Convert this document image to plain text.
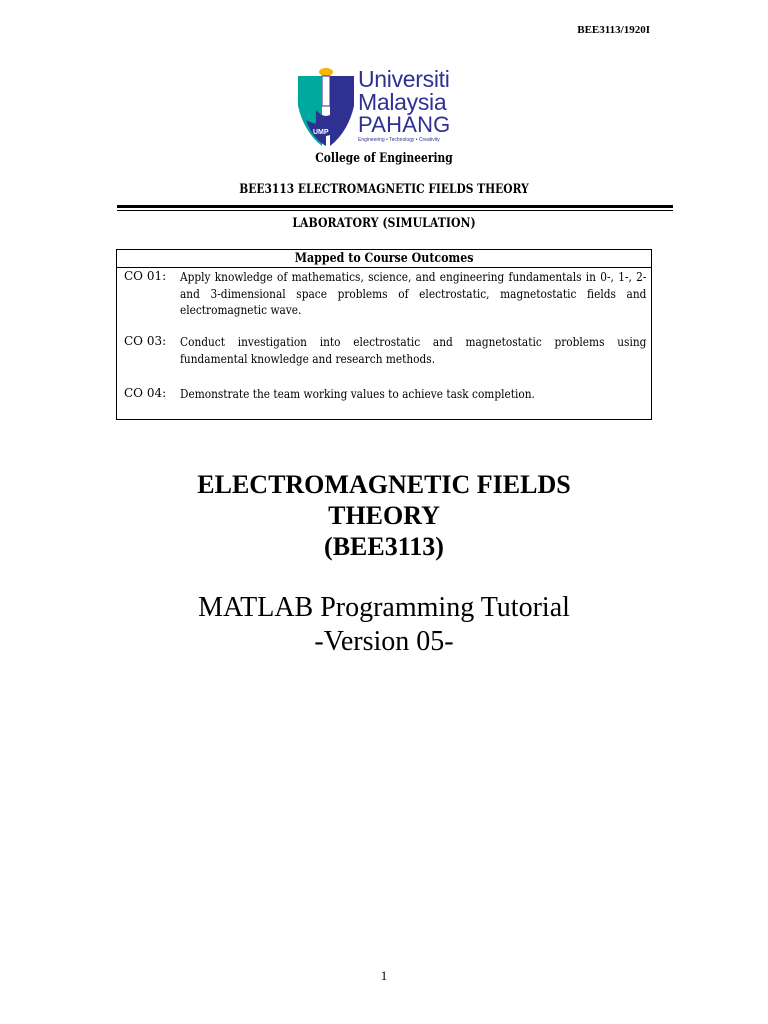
BEE3113/1920I
UMP
Universiti
Malaysia
PAHANG
Engineering • Technology • Creativity
College of Engineering
BEE3113 ELECTROMAGNETIC FIELDS THEORY
LABORATORY (SIMULATION)
Mapped to Course Outcomes
CO 01:	Apply knowledge of mathematics, science, and engineering fundamentals in 0-, 1-, 2- and 3-dimensional space problems of electrostatic, magnetostatic fields and electromagnetic wave.
CO 03:	Conduct investigation into electrostatic and magnetostatic problems using fundamental knowledge and research methods.
CO 04:	Demonstrate the team working values to achieve task completion.
ELECTROMAGNETIC FIELDS
THEORY
(BEE3113)
MATLAB Programming Tutorial
-Version 05-
1
